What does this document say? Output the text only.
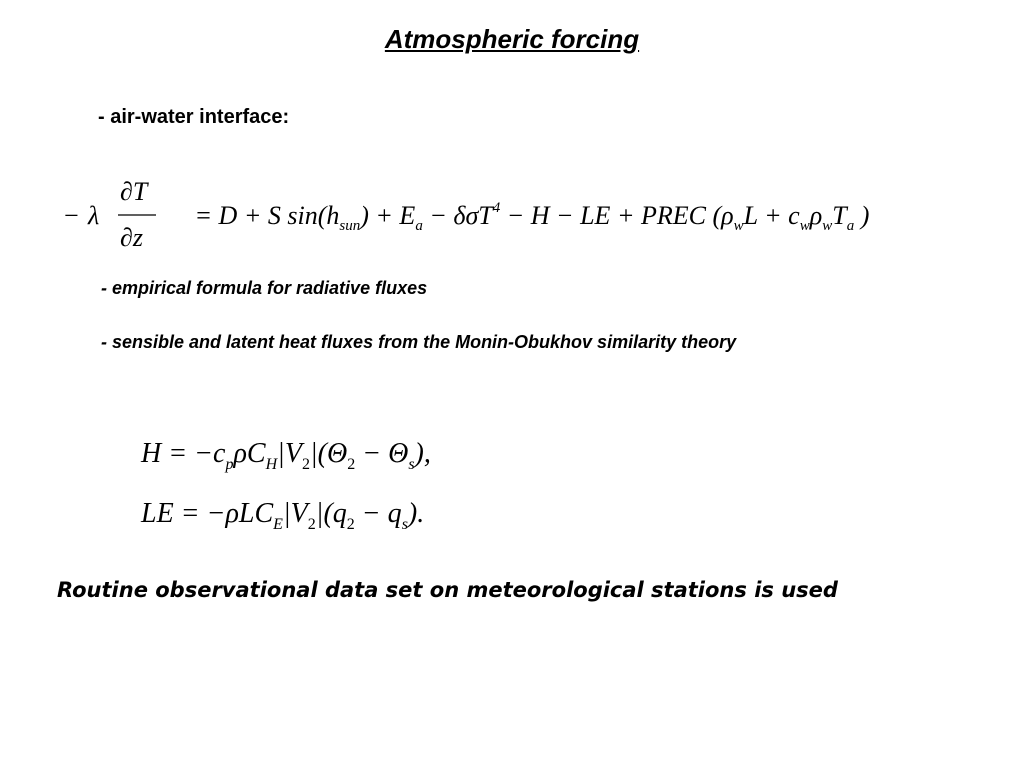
Atmospheric forcing
- air-water interface:
− λ
∂T
∂z
= D + S $\sin(h_{sun}) + E_a - \delta\sigma T^4 - H$ − LE + PREC ($\rho_wL + c_w\rho_wT_a$ )
- empirical formula for radiative fluxes
- sensible and latent heat fluxes from the Monin-Obukhov similarity theory
$H = -c_p\rho C_H|V_2|(\Theta_2 - \Theta_s)$,
LE = $-\rho LC_E|V_2|(q_2 - q_s)$.
Routine observational data set on meteorological stations is used
